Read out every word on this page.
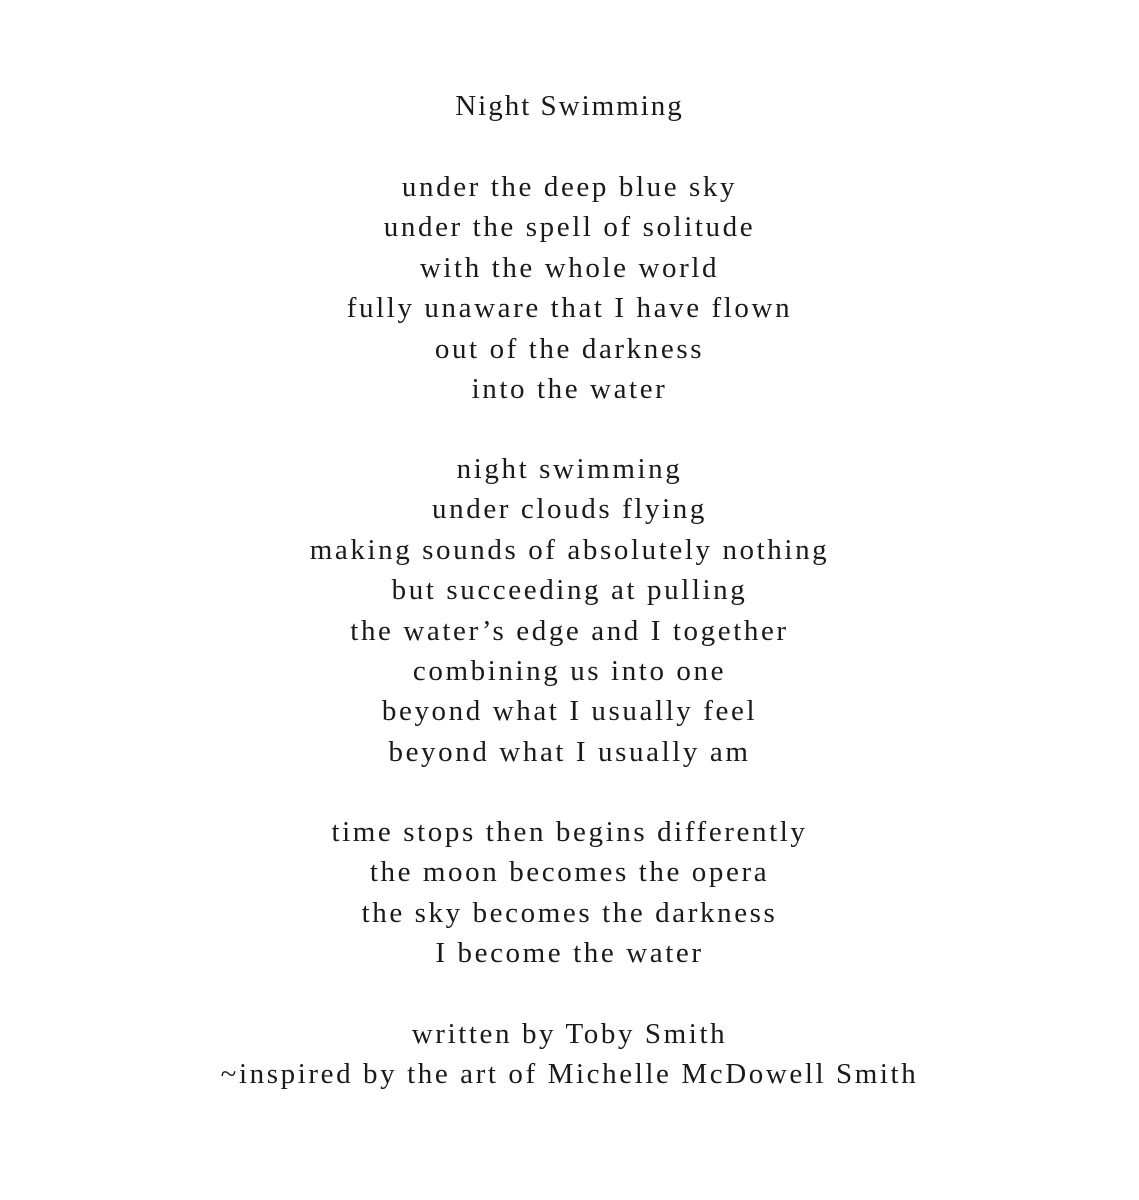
Night Swimming
under the deep blue sky
under the spell of solitude
with the whole world
fully unaware that I have flown
out of the darkness
into the water
night swimming
under clouds flying
making sounds of absolutely nothing
but succeeding at pulling
the water’s edge and I together
combining us into one
beyond what I usually feel
beyond what I usually am
time stops then begins differently
the moon becomes the opera
the sky becomes the darkness
I become the water
written by Toby Smith
~inspired by the art of Michelle McDowell Smith
